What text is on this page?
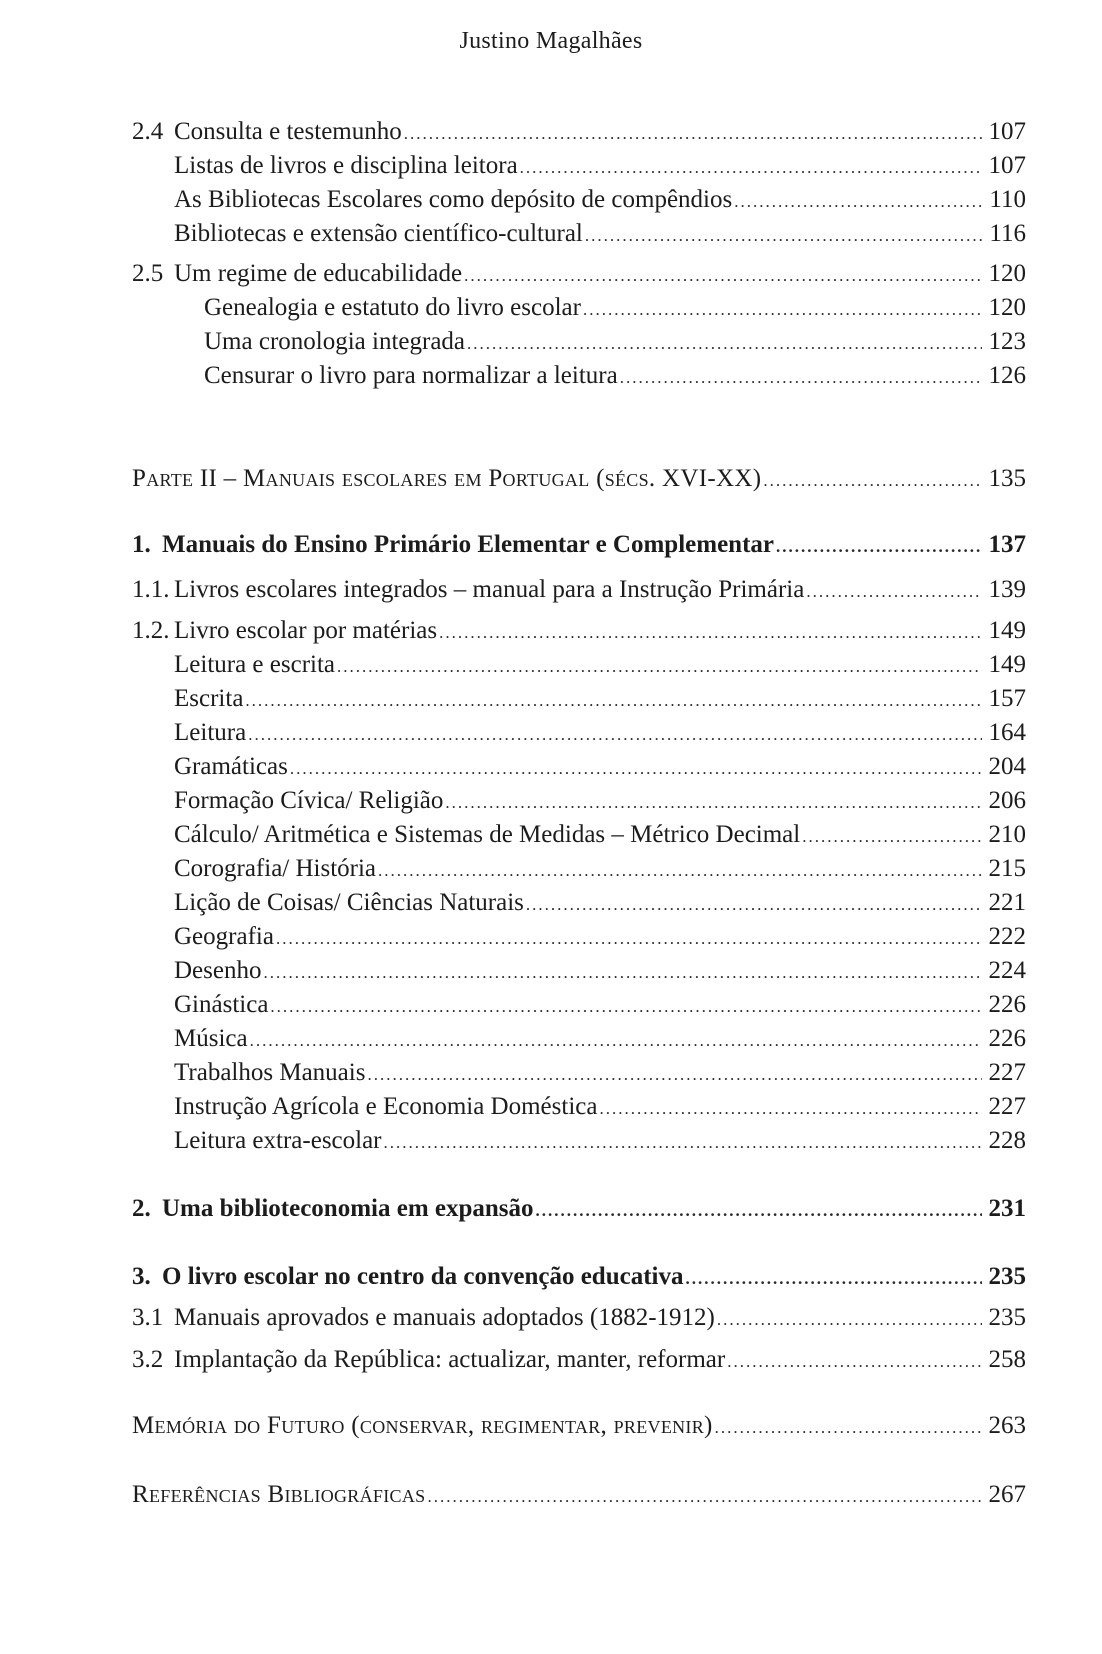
Justino Magalhães
2.4 Consulta e testemunho .....	107
Listas de livros e disciplina leitora .....	107
As Bibliotecas Escolares como depósito de compêndios .....	110
Bibliotecas e extensão científico-cultural .....	116
2.5 Um regime de educabilidade .....	120
Genealogia e estatuto do livro escolar .....	120
Uma cronologia integrada .....	123
Censurar o livro para normalizar a leitura .....	126
Parte II – Manuais escolares em Portugal (sécs. XVI-XX) .....	135
1. Manuais do Ensino Primário Elementar e Complementar .....	137
1.1. Livros escolares integrados – manual para a Instrução Primária .....	139
1.2. Livro escolar por matérias .....	149
Leitura e escrita .....	149
Escrita .....	157
Leitura .....	164
Gramáticas .....	204
Formação Cívica/ Religião .....	206
Cálculo/ Aritmética e Sistemas de Medidas – Métrico Decimal .....	210
Corografia/ História .....	215
Lição de Coisas/ Ciências Naturais .....	221
Geografia .....	222
Desenho .....	224
Ginástica .....	226
Música .....	226
Trabalhos Manuais .....	227
Instrução Agrícola e Economia Doméstica .....	227
Leitura extra-escolar .....	228
2. Uma biblioteconomia em expansão .....	231
3. O livro escolar no centro da convenção educativa .....	235
3.1 Manuais aprovados e manuais adoptados (1882-1912) .....	235
3.2 Implantação da República: actualizar, manter, reformar .....	258
Memória do Futuro (conservar, regimentar, prevenir) .....	263
Referências Bibliográficas .....	267
